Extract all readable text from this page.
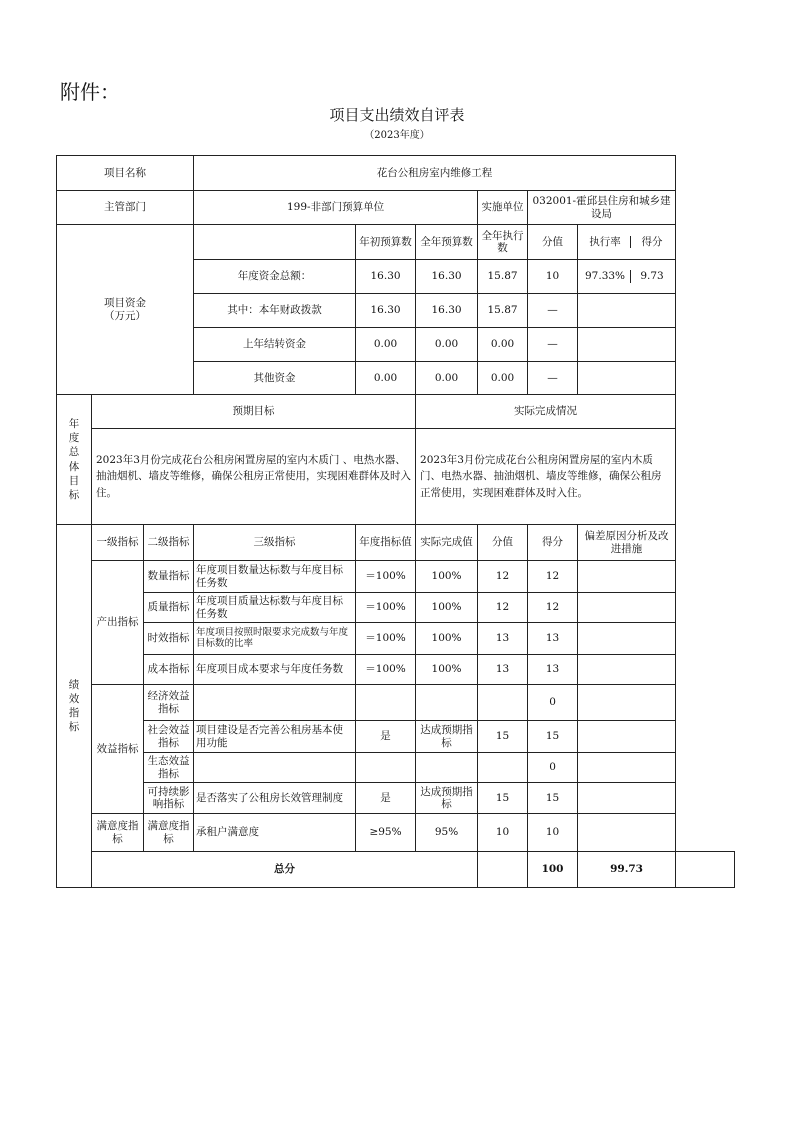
附件：
项目支出绩效自评表
（2023年度）
项目名称			花台公租房室内维修工程						
主管部门			199-非部门预算单位			实施单位	032001-霍邱县住房和城乡建设局		
项目资金
（万元）				年初预算数	全年预算数	全年执行数	分值	执行率 得分	

			年度资金总额：	16.30	16.30	15.87	10	97.33% 9.73	

			其中：本年财政拨款	16.30	16.30	15.87	—		

			上年结转资金	0.00	0.00	0.00	—		

			其他资金	0.00	0.00	0.00	—		

年度总体目标	预期目标				实际完成情况				
	2023年3月份完成花台公租房闲置房屋的室内木质门 、电热水器、抽油烟机、墙皮等维修，确保公租房正常使用，实现困难群体及时入住。				2023年3月份完成花台公租房闲置房屋的室内木质门、电热水器、抽油烟机、墙皮等维修，确保公租房正常使用，实现困难群体及时入住。				
绩效指标	一级指标	二级指标	三级指标	年度指标值	实际完成值	分值	得分	偏差原因分析及改进措施	
	产出指标	数量指标	年度项目数量达标数与年度目标任务数	＝100%	100%	12	12		
		质量指标	年度项目质量达标数与年度目标任务数	＝100%	100%	12	12		
		时效指标	年度项目按照时限要求完成数与年度目标数的比率	＝100%	100%	13	13		
		成本指标	年度项目成本要求与年度任务数	＝100%	100%	13	13		
	效益指标	经济效益指标					0		
		社会效益指标	项目建设是否完善公租房基本使用功能	是	达成预期指标	15	15		
		生态效益指标					0		
		可持续影响指标	是否落实了公租房长效管理制度	是	达成预期指标	15	15		
	满意度指标	满意度指标	承租户满意度	≥95%	95%	10	10		
	总分						100	99.73	
